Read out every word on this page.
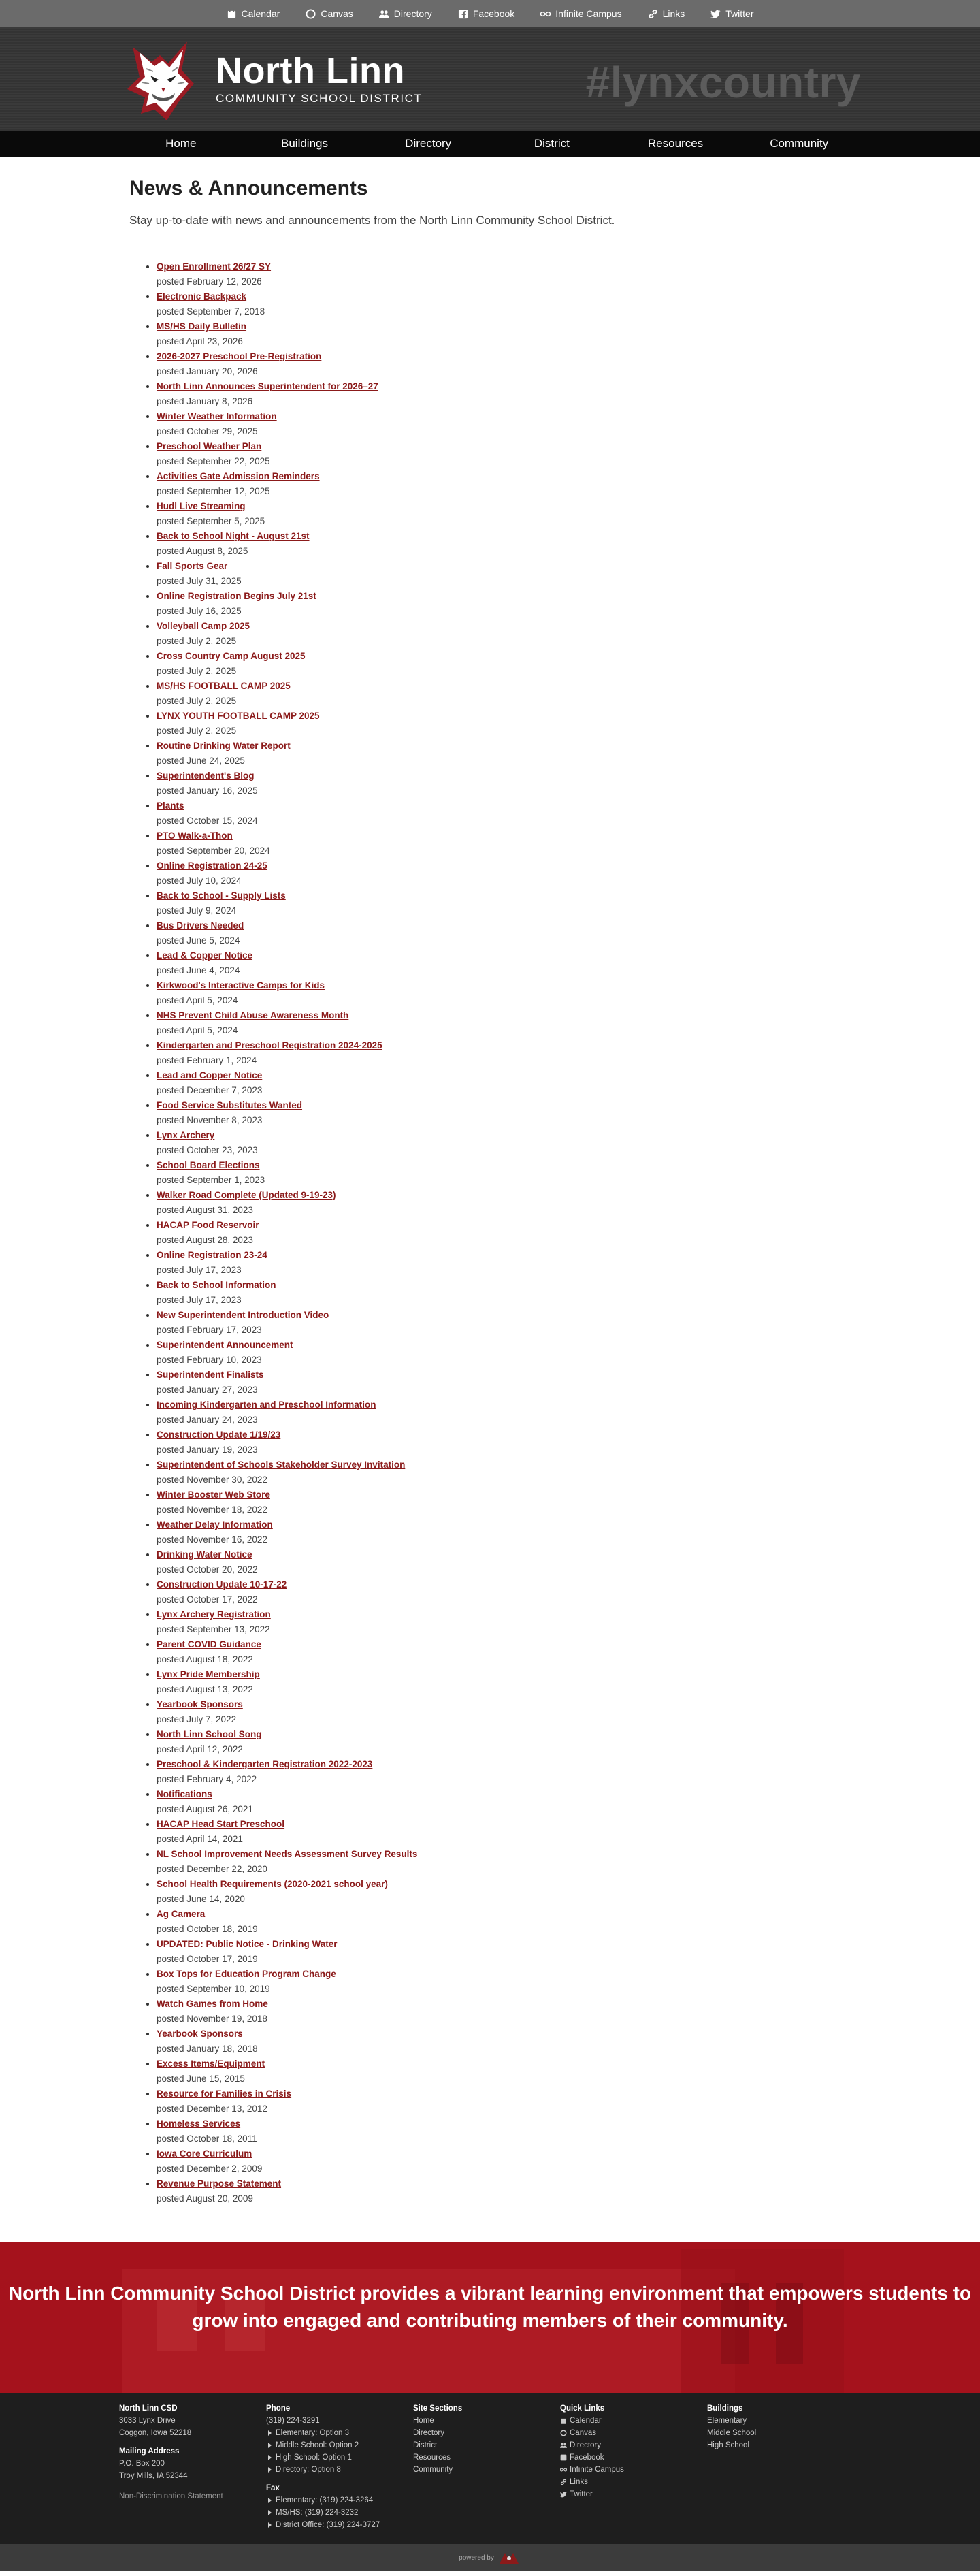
Calendar	Canvas	Directory	Facebook	Infinite Campus	Links	Twitter
North Linn
COMMUNITY SCHOOL DISTRICT	#lynxcountry
Home	Buildings	Directory	District	Resources	Community
News & Announcements

Stay up-to-date with news and announcements from the North Linn Community School District.

• Open Enrollment 26/27 SY
posted February 12, 2026
• Electronic Backpack
posted September 7, 2018
• MS/HS Daily Bulletin
posted April 23, 2026
• 2026-2027 Preschool Pre-Registration
posted January 20, 2026
• North Linn Announces Superintendent for 2026–27
posted January 8, 2026
• Winter Weather Information
posted October 29, 2025
• Preschool Weather Plan
posted September 22, 2025
• Activities Gate Admission Reminders
posted September 12, 2025
• Hudl Live Streaming
posted September 5, 2025
• Back to School Night - August 21st
posted August 8, 2025
• Fall Sports Gear
posted July 31, 2025
• Online Registration Begins July 21st
posted July 16, 2025
• Volleyball Camp 2025
posted July 2, 2025
• Cross Country Camp August 2025
posted July 2, 2025
• MS/HS FOOTBALL CAMP 2025
posted July 2, 2025
• LYNX YOUTH FOOTBALL CAMP 2025
posted July 2, 2025
• Routine Drinking Water Report
posted June 24, 2025
• Superintendent's Blog
posted January 16, 2025
• Plants
posted October 15, 2024
• PTO Walk-a-Thon
posted September 20, 2024
• Online Registration 24-25
posted July 10, 2024
• Back to School - Supply Lists
posted July 9, 2024
• Bus Drivers Needed
posted June 5, 2024
• Lead & Copper Notice
posted June 4, 2024
• Kirkwood's Interactive Camps for Kids
posted April 5, 2024
• NHS Prevent Child Abuse Awareness Month
posted April 5, 2024
• Kindergarten and Preschool Registration 2024-2025
posted February 1, 2024
• Lead and Copper Notice
posted December 7, 2023
• Food Service Substitutes Wanted
posted November 8, 2023
• Lynx Archery
posted October 23, 2023
• School Board Elections
posted September 1, 2023
• Walker Road Complete (Updated 9-19-23)
posted August 31, 2023
• HACAP Food Reservoir
posted August 28, 2023
• Online Registration 23-24
posted July 17, 2023
• Back to School Information
posted July 17, 2023
• New Superintendent Introduction Video
posted February 17, 2023
• Superintendent Announcement
posted February 10, 2023
• Superintendent Finalists
posted January 27, 2023
• Incoming Kindergarten and Preschool Information
posted January 24, 2023
• Construction Update 1/19/23
posted January 19, 2023
• Superintendent of Schools Stakeholder Survey Invitation
posted November 30, 2022
• Winter Booster Web Store
posted November 18, 2022
• Weather Delay Information
posted November 16, 2022
• Drinking Water Notice
posted October 20, 2022
• Construction Update 10-17-22
posted October 17, 2022
• Lynx Archery Registration
posted September 13, 2022
• Parent COVID Guidance
posted August 18, 2022
• Lynx Pride Membership
posted August 13, 2022
• Yearbook Sponsors
posted July 7, 2022
• North Linn School Song
posted April 12, 2022
• Preschool & Kindergarten Registration 2022-2023
posted February 4, 2022
• Notifications
posted August 26, 2021
• HACAP Head Start Preschool
posted April 14, 2021
• NL School Improvement Needs Assessment Survey Results
posted December 22, 2020
• School Health Requirements (2020-2021 school year)
posted June 14, 2020
• Ag Camera
posted October 18, 2019
• UPDATED: Public Notice - Drinking Water
posted October 17, 2019
• Box Tops for Education Program Change
posted September 10, 2019
• Watch Games from Home
posted November 19, 2018
• Yearbook Sponsors
posted January 18, 2018
• Excess Items/Equipment
posted June 15, 2015
• Resource for Families in Crisis
posted December 13, 2012
• Homeless Services
posted October 18, 2011
• Iowa Core Curriculum
posted December 2, 2009
• Revenue Purpose Statement
posted August 20, 2009
North Linn Community School District provides a vibrant learning environment that empowers students to grow into engaged and contributing members of their community.
North Linn CSD

3033 Lynx Drive

Coggon, Iowa 52218

Mailing Address

P.O. Box 200

Troy Mills, IA 52344

Non-Discrimination Statement
Phone

(319) 224-3291

Elementary: Option 3
Middle School: Option 2
High School: Option 1
Directory: Option 8
Fax
Elementary: (319) 224-3264
MS/HS: (319) 224-3232
District Office: (319) 224-3727
Site Sections
Home
Directory
District
Resources
Community
Quick Links
Calendar
Canvas
Directory
Facebook
Infinite Campus
Links
Twitter
Buildings
Elementary
Middle School
High School
powered by
